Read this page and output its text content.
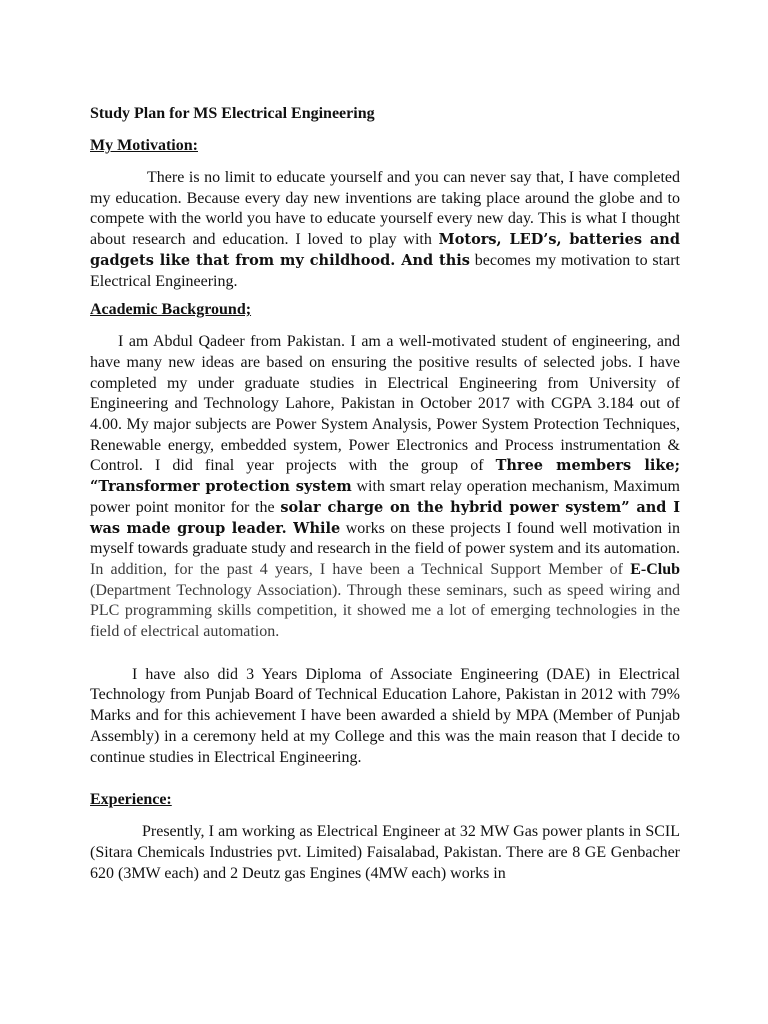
Study Plan for MS Electrical Engineering
My Motivation:

There is no limit to educate yourself and you can never say that, I have completed my education. Because every day new inventions are taking place around the globe and to compete with the world you have to educate yourself every new day. This is what I thought about research and education. I loved to play with Motors, LED’s, batteries and gadgets like that from my childhood. And this becomes my motivation to start Electrical Engineering.

Academic Background;

I am Abdul Qadeer from Pakistan. I am a well-motivated student of engineering, and have many new ideas are based on ensuring the positive results of selected jobs. I have completed my under graduate studies in Electrical Engineering from University of Engineering and Technology Lahore, Pakistan in October 2017 with CGPA 3.184 out of 4.00. My major subjects are Power System Analysis, Power System Protection Techniques, Renewable energy, embedded system, Power Electronics and Process instrumentation & Control. I did final year projects with the group of Three members like; “Transformer protection system with smart relay operation mechanism, Maximum power point monitor for the solar charge on the hybrid power system” and I was made group leader. While works on these projects I found well motivation in myself towards graduate study and research in the field of power system and its automation. In addition, for the past 4 years, I have been a Technical Support Member of E-Club (Department Technology Association). Through these seminars, such as speed wiring and PLC programming skills competition, it showed me a lot of emerging technologies in the field of electrical automation.

I have also did 3 Years Diploma of Associate Engineering (DAE) in Electrical Technology from Punjab Board of Technical Education Lahore, Pakistan in 2012 with 79% Marks and for this achievement I have been awarded a shield by MPA (Member of Punjab Assembly) in a ceremony held at my College and this was the main reason that I decide to continue studies in Electrical Engineering.

Experience:

Presently, I am working as Electrical Engineer at 32 MW Gas power plants in SCIL (Sitara Chemicals Industries pvt. Limited) Faisalabad, Pakistan. There are 8 GE Genbacher 620 (3MW each) and 2 Deutz gas Engines (4MW each) works in
